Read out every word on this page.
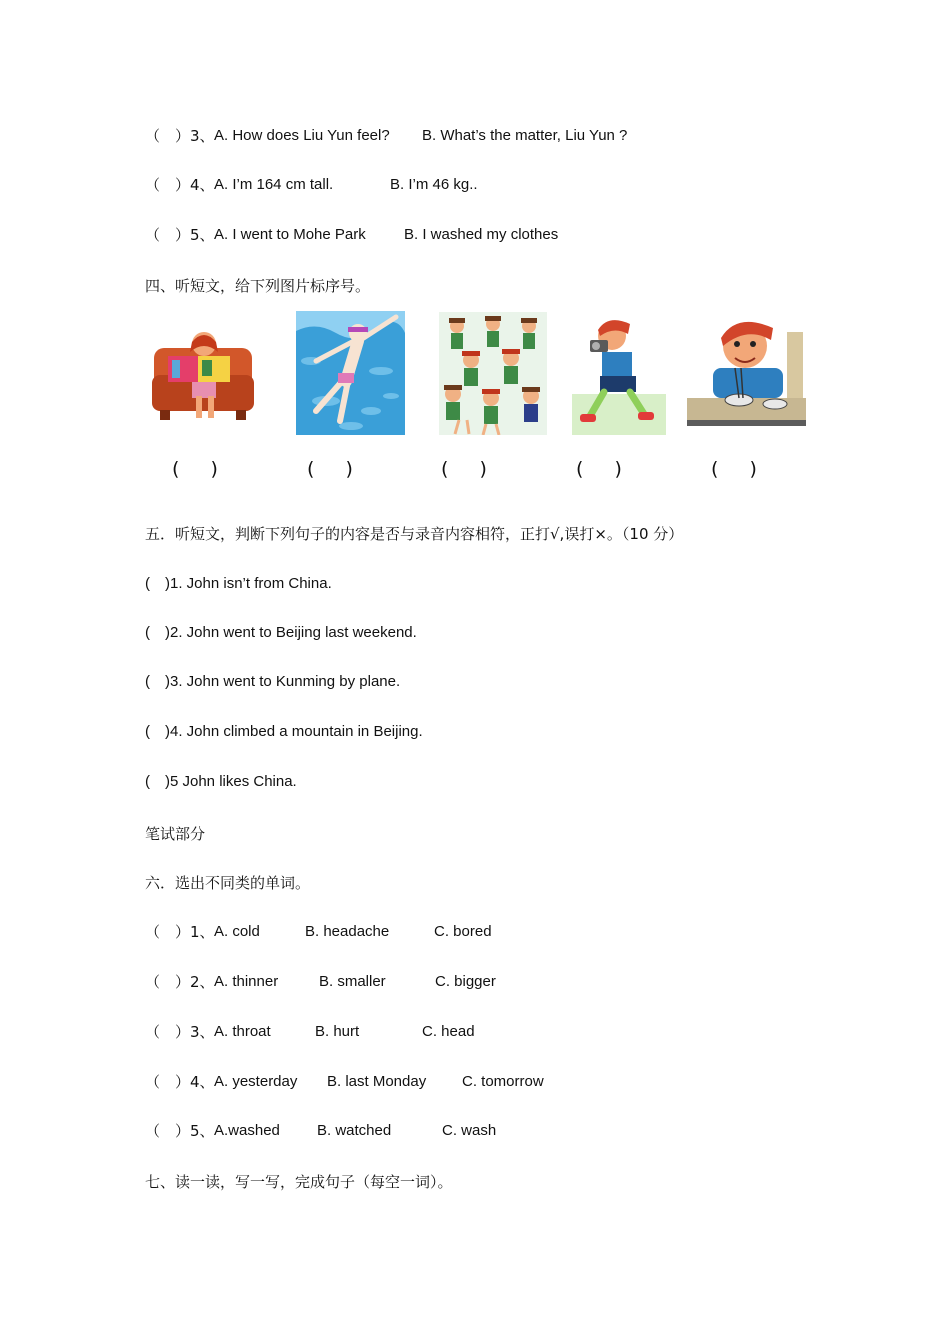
（　）3、

A. How does Liu Yun feel?

B. What’s the matter, Liu Yun ?

（　）4、

A. I’m 164 cm tall.

	B. I’m 46 kg..

（　）5、

A. I went to Mohe Park

	B. I washed my clothes

四、听短文，给下列图片标序号。
(　 )	(　 )	(　 )	(　 )	(　 )
五．听短文，判断下列句子的内容是否与录音内容相符，正打√,误打×。（10 分）
(　)1. John isn’t from China.
(　)2. John went to Beijing last weekend.
(　)3. John went to Kunming by plane.
(　)4. John climbed a mountain in Beijing.
(　)5 John likes China.
笔试部分
六．选出不同类的单词。

（　）1、

A. cold

	B. headache

	C. bored

（　）2、

A. thinner

	B. smaller

	C. bigger

（　）3、

A. throat

	B. hurt

	C. head

（　）4、

A. yesterday

B. last Monday

C. tomorrow

（　）5、

A.washed

B. watched

	C. wash

七、读一读，写一写，完成句子（每空一词）。
